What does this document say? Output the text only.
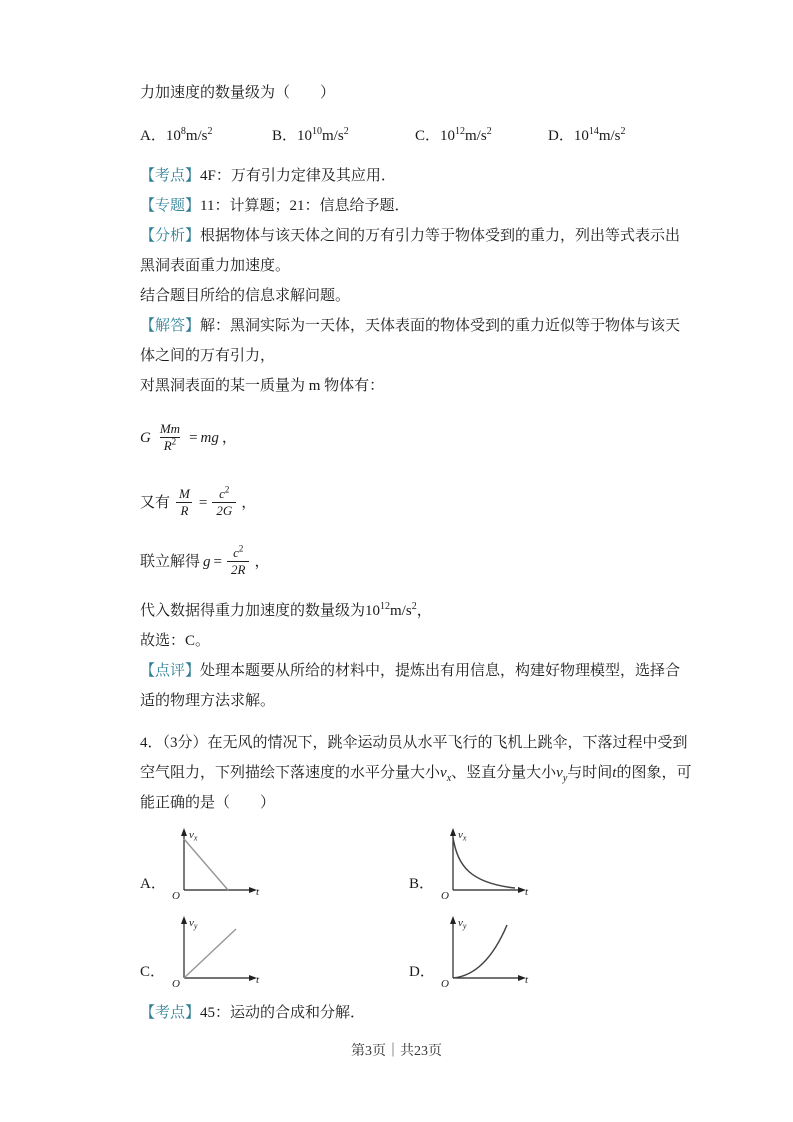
力加速度的数量级为（　　）

A．$10^8m/s^2$	B．$10^{10}m/s^2$	C．$10^{12}m/s^2$	D．$10^{14}m/s^2$

【考点】4F：万有引力定律及其应用．

【专题】11：计算题；21：信息给予题．

【分析】根据物体与该天体之间的万有引力等于物体受到的重力，列出等式表示出黑洞表面重力加速度。

结合题目所给的信息求解问题。

【解答】解：黑洞实际为一天体，天体表面的物体受到的重力近似等于物体与该天体之间的万有引力，

对黑洞表面的某一质量为 m 物体有：

G $\frac{Mm}{R^2}$ = mg ，
又有 $\frac{M}{R} = \frac{c^2}{2G}$ ，
联立解得 $g = \frac{c^2}{2R}$ ，

代入数据得重力加速度的数量级为$10^{12}m/s^2$，

故选：C。

【点评】处理本题要从所给的材料中，提炼出有用信息，构建好物理模型，选择合适的物理方法求解。

4．（3分）在无风的情况下，跳伞运动员从水平飞行的飞机上跳伞，下落过程中受到空气阻力，下列描绘下落速度的水平分量大小$v_x$、竖直分量大小$v_y$与时间t的图象，可能正确的是（　　）

A．
$v_x$
t
O
B．
$v_x$
t
O
C．
$v_y$
t
O
D．
$v_y$
t
O

【考点】45：运动的合成和分解．

第3页｜共23页
